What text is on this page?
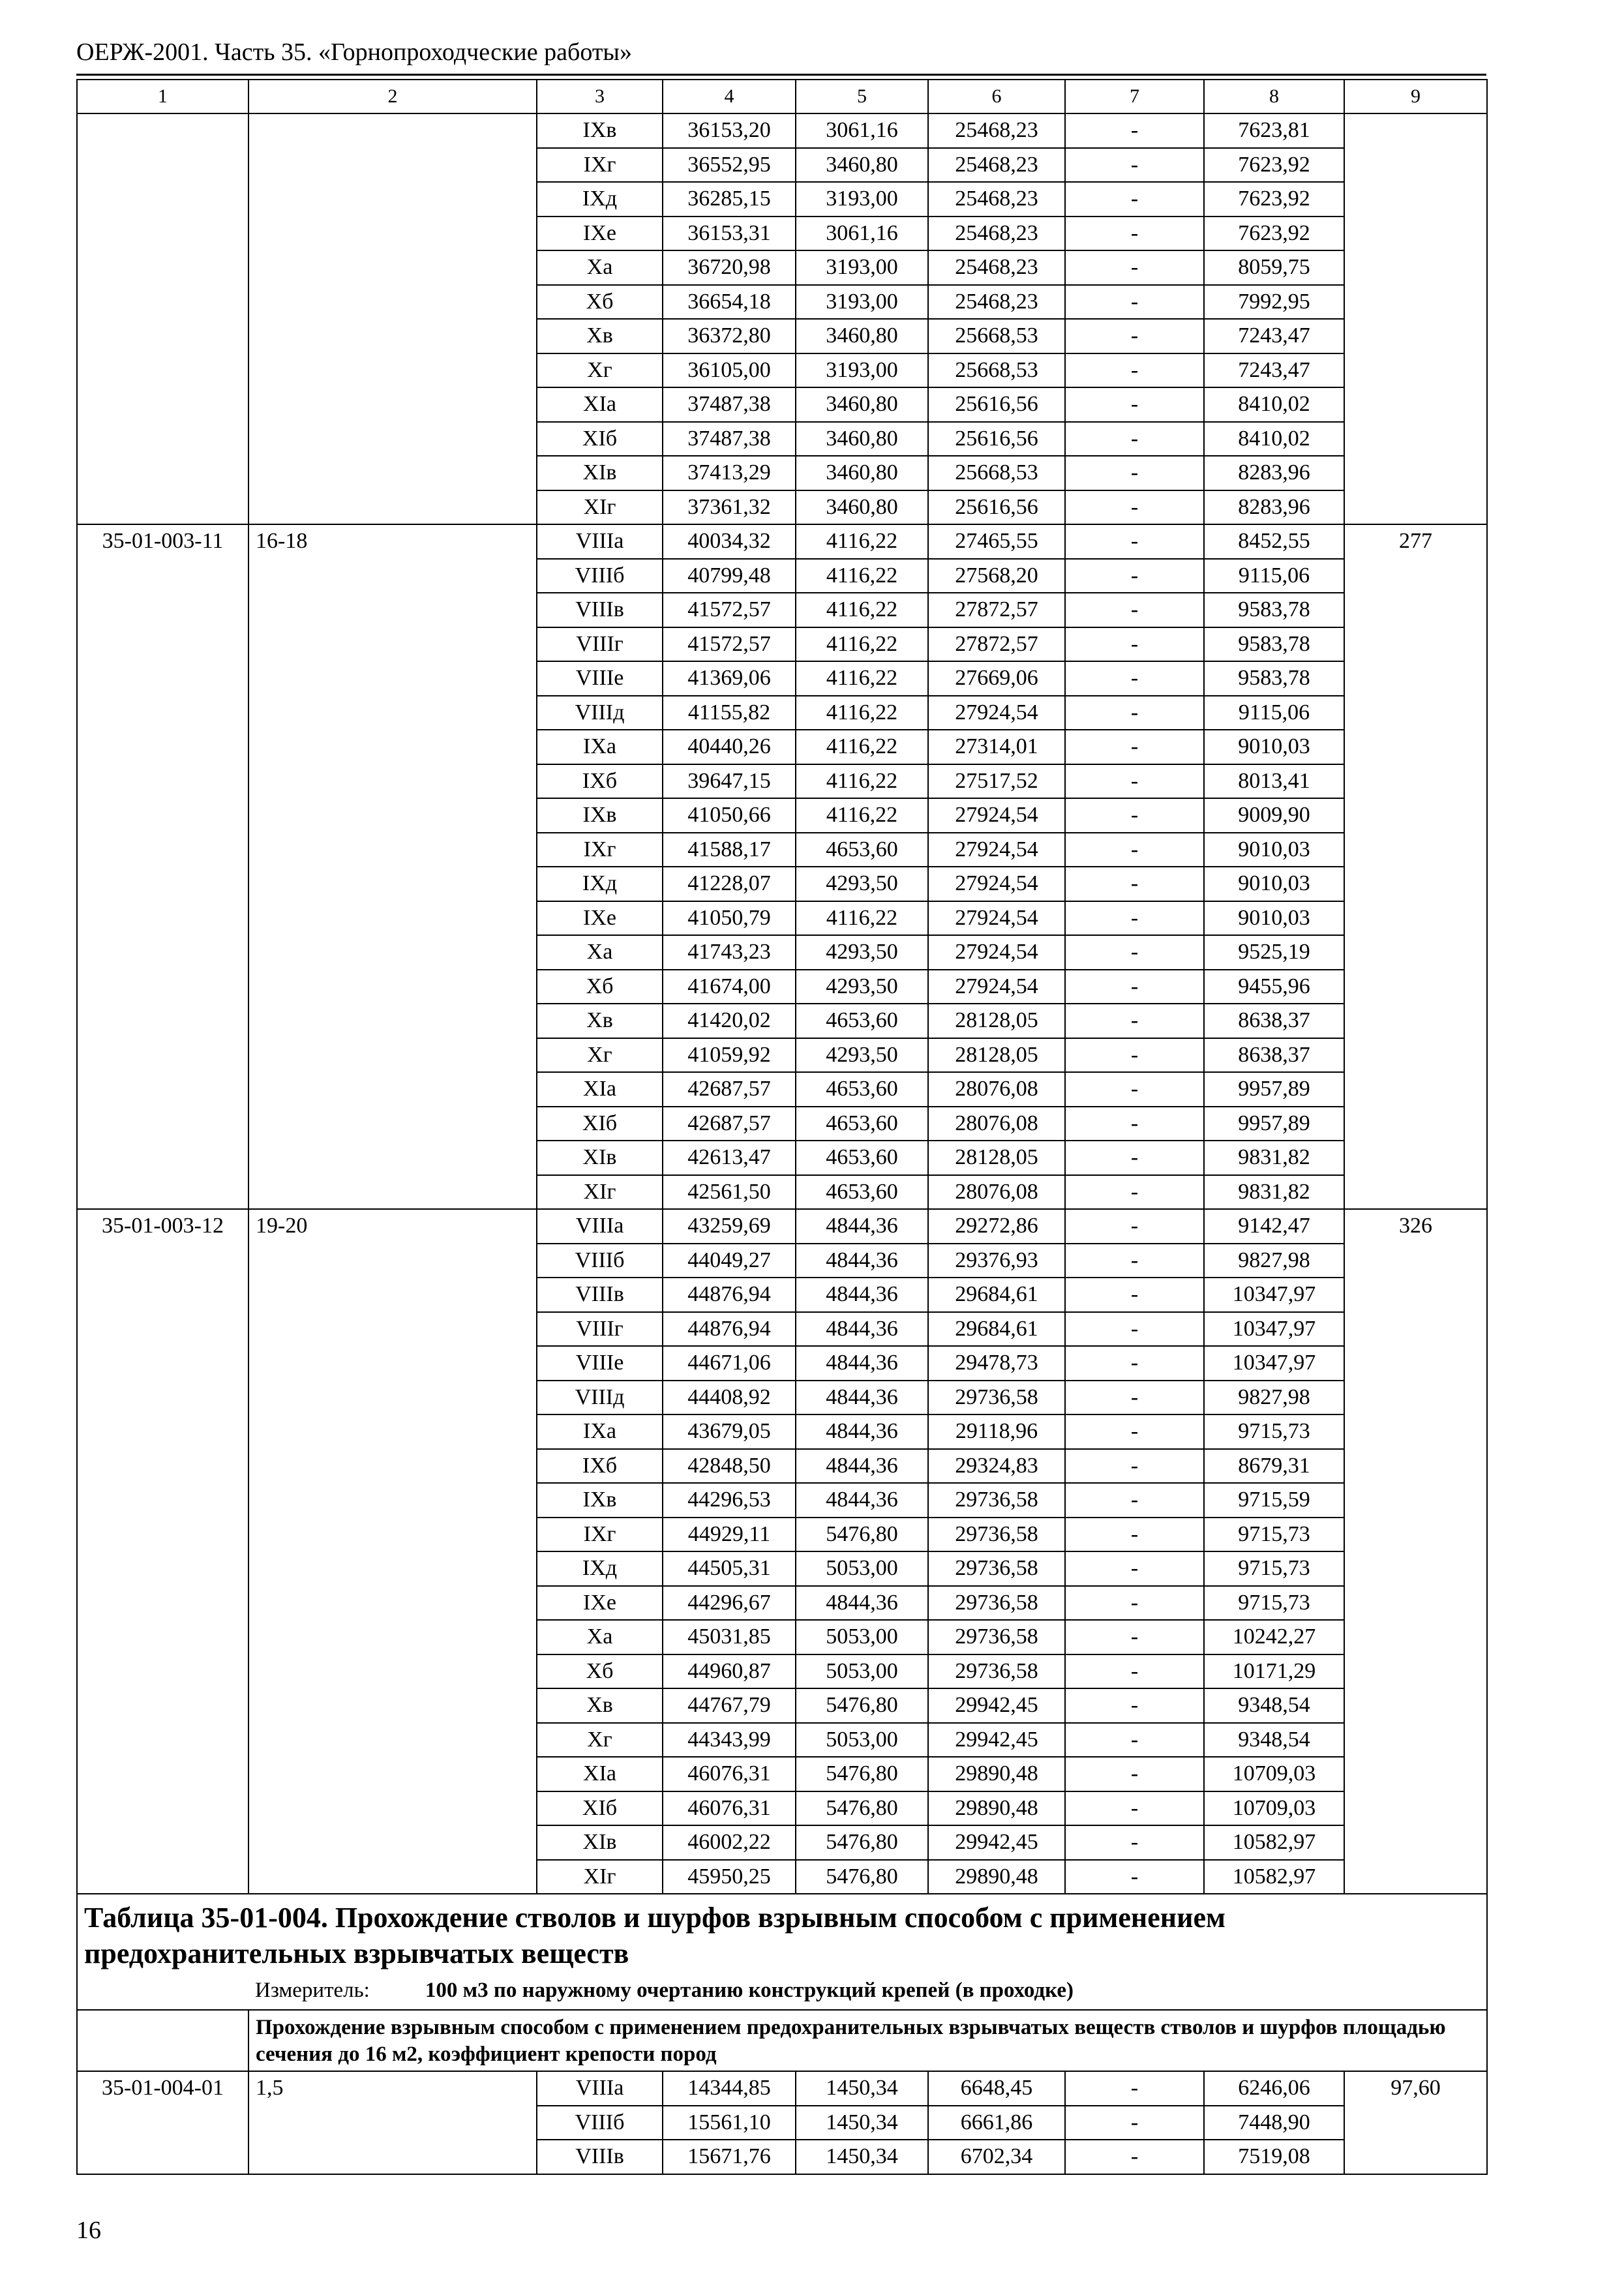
ОЕРЖ-2001. Часть 35. «Горнопроходческие работы»
1	2	3	4	5	6	7	8	9
		IXв	36153,20	3061,16	25468,23	-	7623,81	
		IXг	36552,95	3460,80	25468,23	-	7623,92	
		IXд	36285,15	3193,00	25468,23	-	7623,92	
		IXе	36153,31	3061,16	25468,23	-	7623,92	
		Xа	36720,98	3193,00	25468,23	-	8059,75	
		Xб	36654,18	3193,00	25468,23	-	7992,95	
		Xв	36372,80	3460,80	25668,53	-	7243,47	
		Xг	36105,00	3193,00	25668,53	-	7243,47	
		XIа	37487,38	3460,80	25616,56	-	8410,02	
		XIб	37487,38	3460,80	25616,56	-	8410,02	
		XIв	37413,29	3460,80	25668,53	-	8283,96	
		XIг	37361,32	3460,80	25616,56	-	8283,96	
35-01-003-11	16-18	VIIIа	40034,32	4116,22	27465,55	-	8452,55	277
		VIIIб	40799,48	4116,22	27568,20	-	9115,06	
		VIIIв	41572,57	4116,22	27872,57	-	9583,78	
		VIIIг	41572,57	4116,22	27872,57	-	9583,78	
		VIIIе	41369,06	4116,22	27669,06	-	9583,78	
		VIIIд	41155,82	4116,22	27924,54	-	9115,06	
		IXа	40440,26	4116,22	27314,01	-	9010,03	
		IXб	39647,15	4116,22	27517,52	-	8013,41	
		IXв	41050,66	4116,22	27924,54	-	9009,90	
		IXг	41588,17	4653,60	27924,54	-	9010,03	
		IXд	41228,07	4293,50	27924,54	-	9010,03	
		IXе	41050,79	4116,22	27924,54	-	9010,03	
		Xа	41743,23	4293,50	27924,54	-	9525,19	
		Xб	41674,00	4293,50	27924,54	-	9455,96	
		Xв	41420,02	4653,60	28128,05	-	8638,37	
		Xг	41059,92	4293,50	28128,05	-	8638,37	
		XIа	42687,57	4653,60	28076,08	-	9957,89	
		XIб	42687,57	4653,60	28076,08	-	9957,89	
		XIв	42613,47	4653,60	28128,05	-	9831,82	
		XIг	42561,50	4653,60	28076,08	-	9831,82	
35-01-003-12	19-20	VIIIа	43259,69	4844,36	29272,86	-	9142,47	326
		VIIIб	44049,27	4844,36	29376,93	-	9827,98	
		VIIIв	44876,94	4844,36	29684,61	-	10347,97	
		VIIIг	44876,94	4844,36	29684,61	-	10347,97	
		VIIIе	44671,06	4844,36	29478,73	-	10347,97	
		VIIIд	44408,92	4844,36	29736,58	-	9827,98	
		IXа	43679,05	4844,36	29118,96	-	9715,73	
		IXб	42848,50	4844,36	29324,83	-	8679,31	
		IXв	44296,53	4844,36	29736,58	-	9715,59	
		IXг	44929,11	5476,80	29736,58	-	9715,73	
		IXд	44505,31	5053,00	29736,58	-	9715,73	
		IXе	44296,67	4844,36	29736,58	-	9715,73	
		Xа	45031,85	5053,00	29736,58	-	10242,27	
		Xб	44960,87	5053,00	29736,58	-	10171,29	
		Xв	44767,79	5476,80	29942,45	-	9348,54	
		Xг	44343,99	5053,00	29942,45	-	9348,54	
		XIа	46076,31	5476,80	29890,48	-	10709,03	
		XIб	46076,31	5476,80	29890,48	-	10709,03	
		XIв	46002,22	5476,80	29942,45	-	10582,97	
		XIг	45950,25	5476,80	29890,48	-	10582,97	
Таблица 35-01-004. Прохождение стволов и шурфов взрывным способом с применением предохранительных взрывчатых веществ
Измеритель: 100 м3 по наружному очертанию конструкций крепей (в проходке)								

	Прохождение взрывным способом с применением предохранительных взрывчатых веществ стволов и шурфов площадью сечения до 16 м2, коэффициент крепости пород							
35-01-004-01	1,5	VIIIа	14344,85	1450,34	6648,45	-	6246,06	97,60
		VIIIб	15561,10	1450,34	6661,86	-	7448,90	
		VIIIв	15671,76	1450,34	6702,34	-	7519,08	
16
